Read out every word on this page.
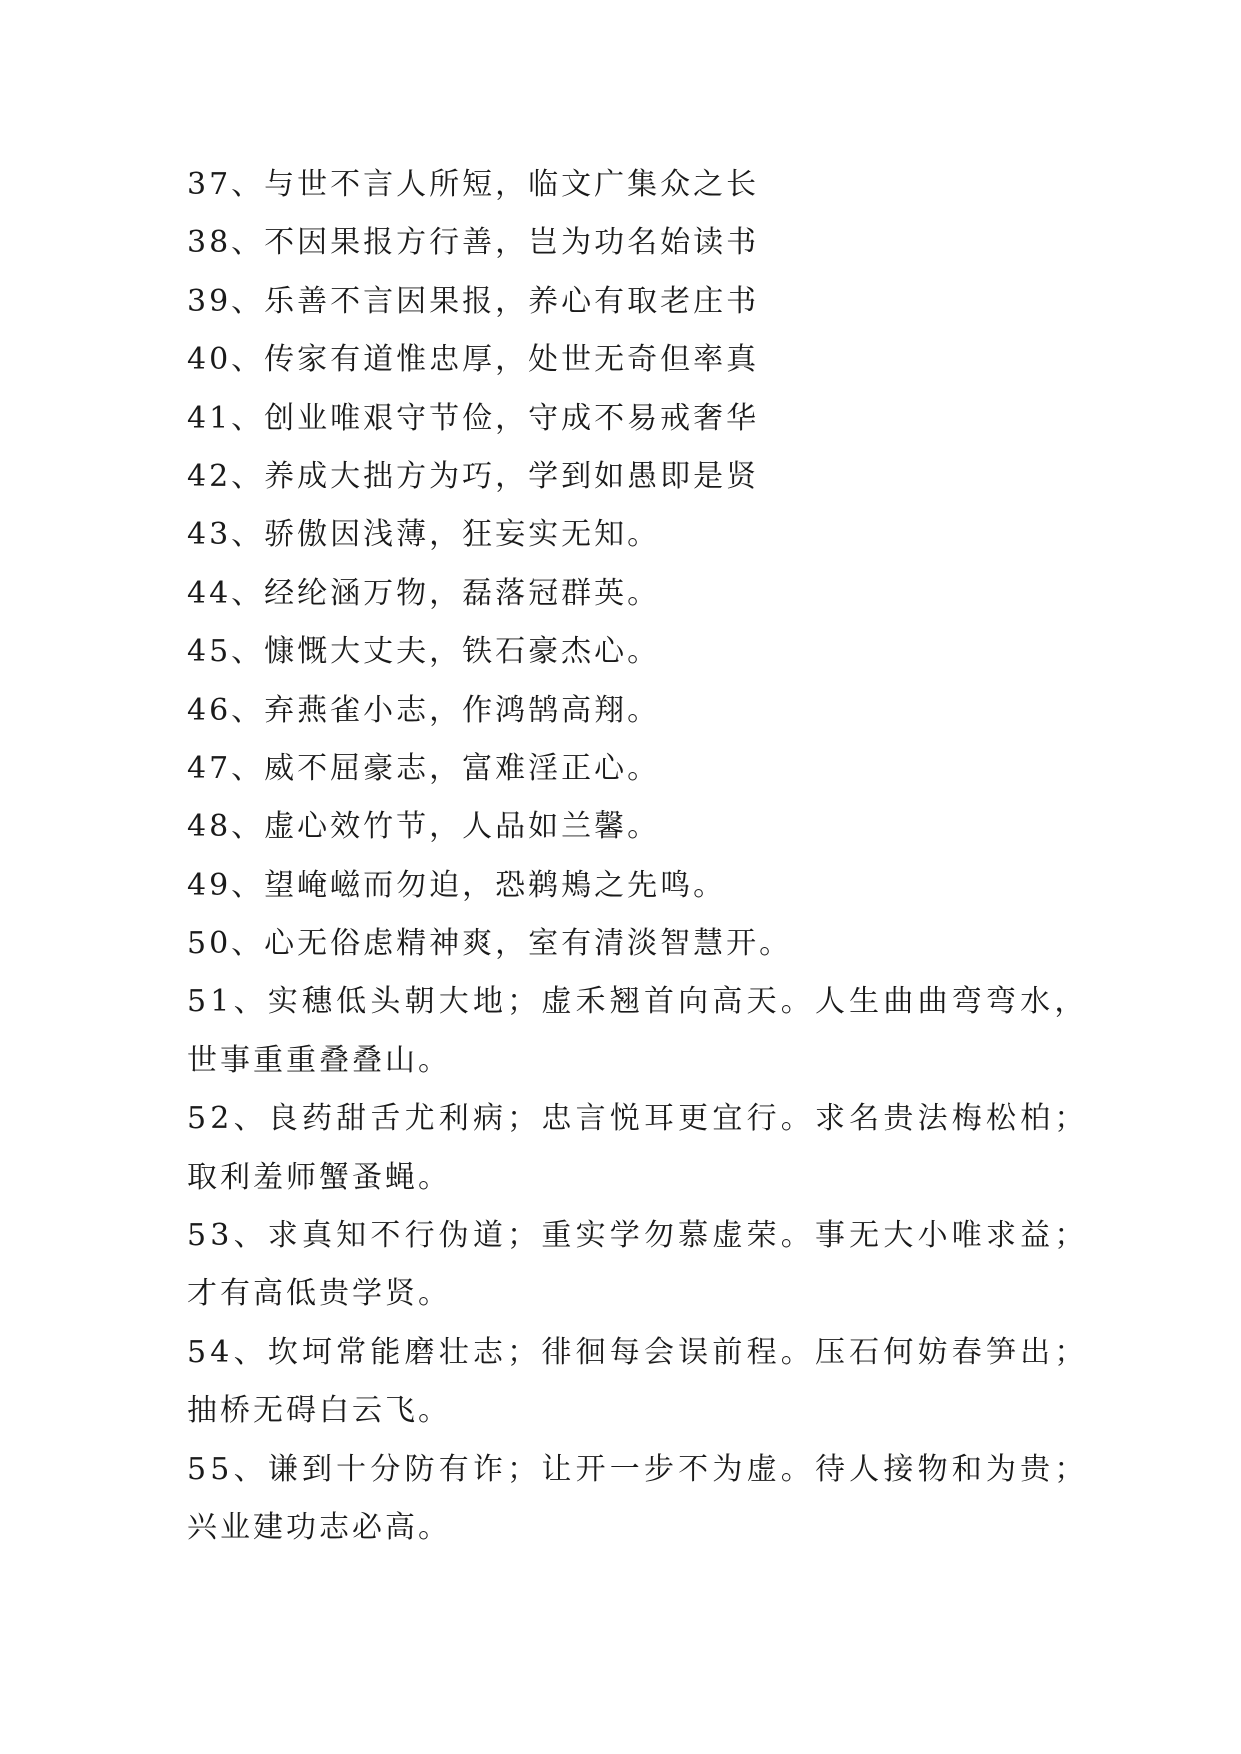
37、与世不言人所短，临文广集众之长
38、不因果报方行善，岂为功名始读书
39、乐善不言因果报，养心有取老庄书
40、传家有道惟忠厚，处世无奇但率真
41、创业唯艰守节俭，守成不易戒奢华
42、养成大拙方为巧，学到如愚即是贤
43、骄傲因浅薄，狂妄实无知。
44、经纶涵万物，磊落冠群英。
45、慷慨大丈夫，铁石豪杰心。
46、弃燕雀小志，作鸿鹄高翔。
47、威不屈豪志，富难淫正心。
48、虚心效竹节，人品如兰馨。
49、望崦嵫而勿迫，恐鹈鴂之先鸣。
50、心无俗虑精神爽，室有清淡智慧开。
51、实穗低头朝大地；虚禾翘首向高天。人生曲曲弯弯水，
世事重重叠叠山。
52、良药甜舌尤利病；忠言悦耳更宜行。求名贵法梅松柏；
取利羞师蟹蚤蝇。
53、求真知不行伪道；重实学勿慕虚荣。事无大小唯求益；
才有高低贵学贤。
54、坎坷常能磨壮志；徘徊每会误前程。压石何妨春笋出；
抽桥无碍白云飞。
55、谦到十分防有诈；让开一步不为虚。待人接物和为贵；
兴业建功志必高。
